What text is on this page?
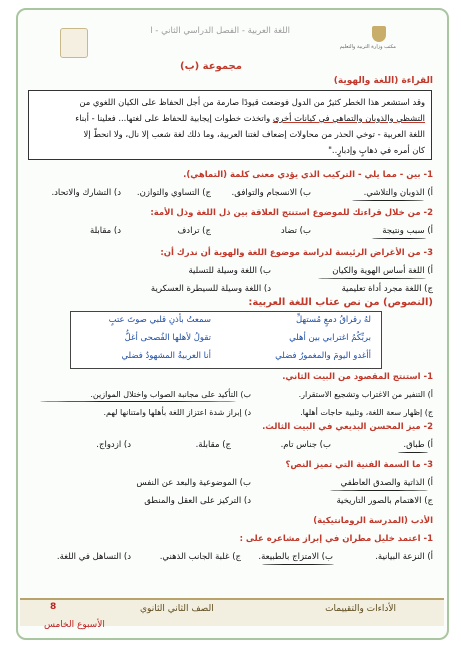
اللغة العربية - الفصل الدراسي الثاني - ا
مكتب وزارة التربية والتعليم
مجموعة (ب)
القراءة (اللغة والهوية)
وقد استشعر هذا الخطر كثيرٌ من الدول فوضعت قيودًا صارمة من أجل الحفاظ على الكيان اللغوي من
التشظي والذوبان والتماهي في كيانات أخرى واتخذت خطوات إيجابية للحفاظ على لغتها... فعلينا - أبناء
اللغة العربية - توخي الحذر من محاولات إضعاف لغتنا العربية، وما ذلك لغة شعب إلا نال، ولا انحطّ إلا
كان أمره في ذهابٍ وإدبارٍ.."
1- بين - مما يلي - التركيب الذي يؤدي معنى كلمة (التماهي).
أ) الذوبان والتلاشي.
ب) الانسجام والتوافق.
ج) التساوي والتوازن.
د) التشارك والاتحاد.
2- من خلال قراءتك للموضوع استنتج العلاقة بين ذل اللغة وذل الأمة:
أ) سبب ونتيجة
ب) تضاد
ج) ترادف
د) مقابلة
3- من الأغراض الرئيسة لدراسة موضوع اللغة والهوية أن ندرك أن:
أ) اللغة أساس الهوية والكيان
ب) اللغة وسيلة للتسلية
ج) اللغة مجرد أداة تعليمية
د) اللغة وسيلة للسيطرة العسكرية
(النصوص) من نص عتاب اللغة العربية:
لهُ رقراقُ دمعٍ مُستهلِّ
سمعتُ بأذنِ قلبي صوتَ عتبٍ
بربِّكُمُ اغترابي بين أهلي
تقولُ لأهلها الفُصحى أغلُّ
أأغدو اليومَ والمغمورُ فضلي
أنا العربيةُ المشهودُ فضلي
1- استنتج المقصود من البيت الثاني.
أ) التنفير من الاغتراب وتشجيع الاستقرار.
ب) التأكيد على مجانبة الصواب واختلال الموازين.
ج) إظهار سعة اللغة، وتلبية حاجات أهلها.
د) إبراز شدة اعتزاز اللغة بأهلها وامتنانها لهم.
2- ميز المحسن البديعي في البيت الثالث.
أ) طباق.
ب) جناس تام.
ج) مقابلة.
د) ازدواج.
3- ما السمة الفنية التي تميز النص؟
أ) الذاتية والصدق العاطفي
ب) الموضوعية والبعد عن النفس
ج) الاهتمام بالصور التاريخية
د) التركيز على العقل والمنطق
الأدب (المدرسة الرومانتيكية)
1- اعتمد خليل مطران في إبراز مشاعره على :
أ) النزعة البيانية.
ب) الامتزاج بالطبيعة.
ج) غلبة الجانب الذهني.
د) التساهل في اللغة.
8	الصف الثاني الثانوي	الأداءات والتقييمات
الأسبوع الخامس
